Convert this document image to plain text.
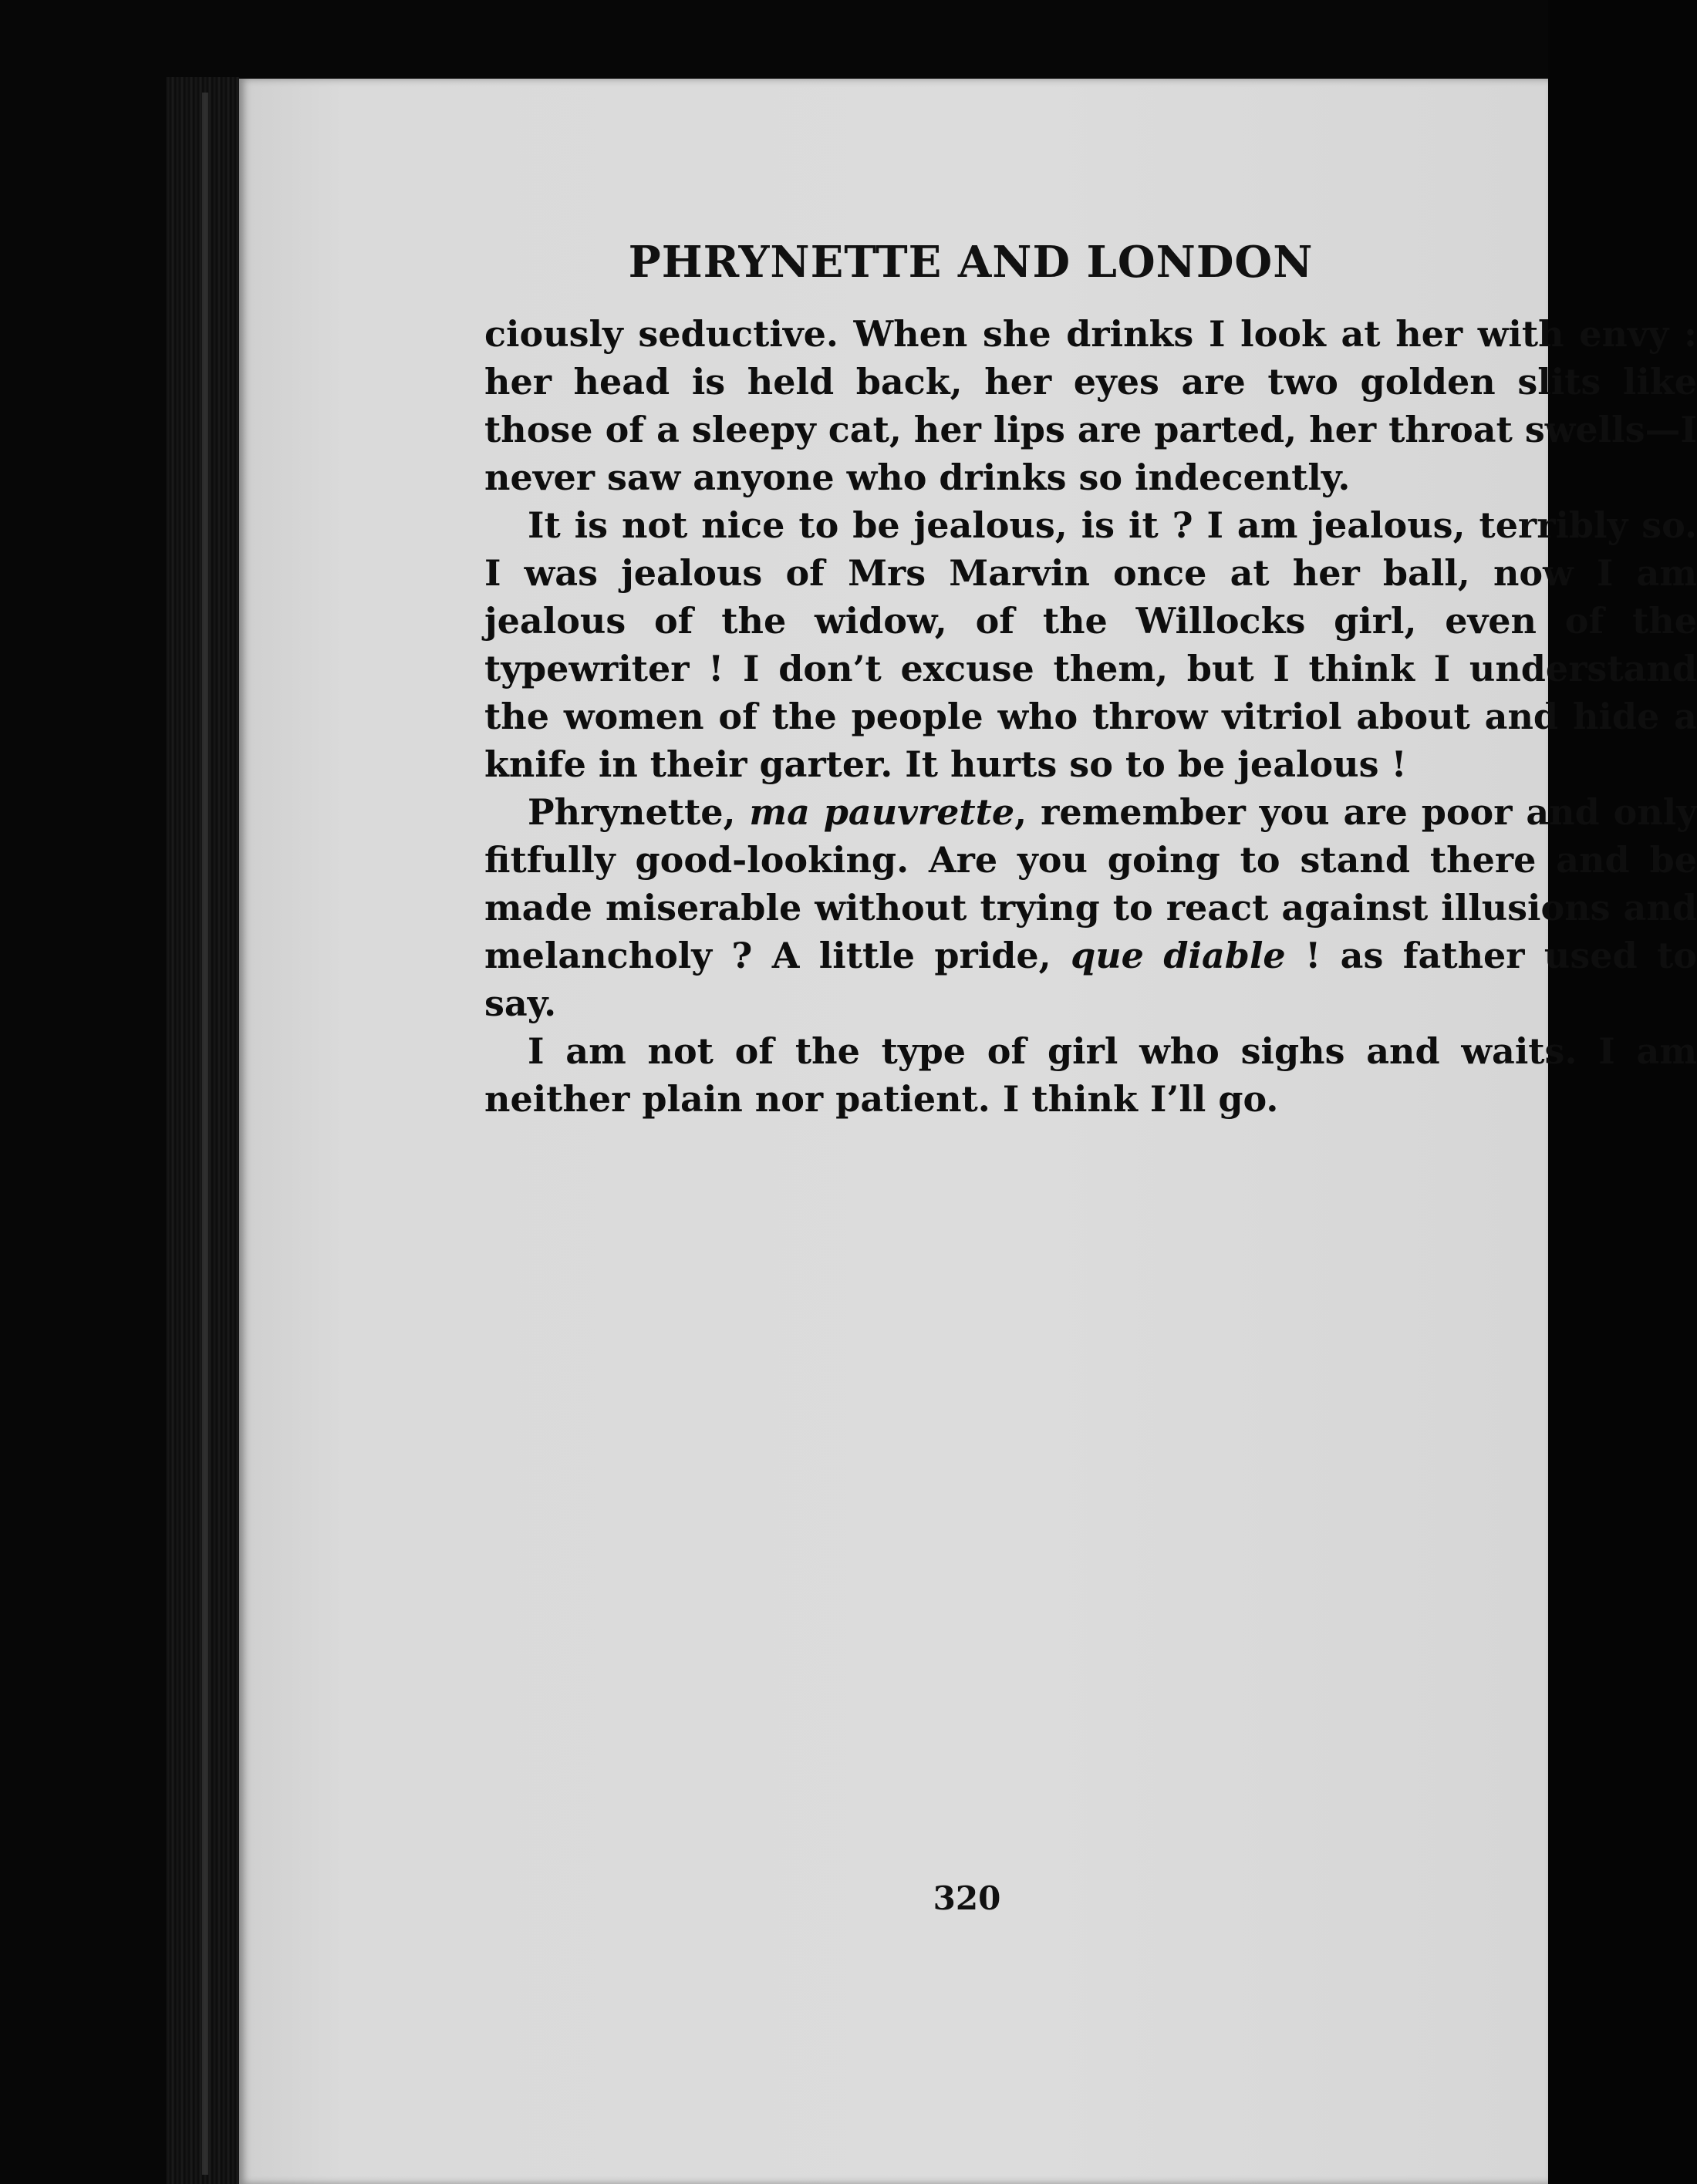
PHRYNETTE AND LONDON

ciously seductive. When she drinks I look at her with envy : her head is held back, her eyes are two golden slits like those of a sleepy cat, her lips are parted, her throat swells—I never saw anyone who drinks so indecently.

It is not nice to be jealous, is it ? I am jealous, terribly so. I was jealous of Mrs Marvin once at her ball, now I am jealous of the widow, of the Willocks girl, even of the typewriter ! I don’t excuse them, but I think I understand the women of the people who throw vitriol about and hide a knife in their garter. It hurts so to be jealous !

Phrynette, ma pauvrette, remember you are poor and only fitfully good-looking. Are you going to stand there and be made miserable without trying to react against illusions and melancholy ? A little pride, que diable ! as father used to say.

I am not of the type of girl who sighs and waits. I am neither plain nor patient. I think I’ll go.

320
